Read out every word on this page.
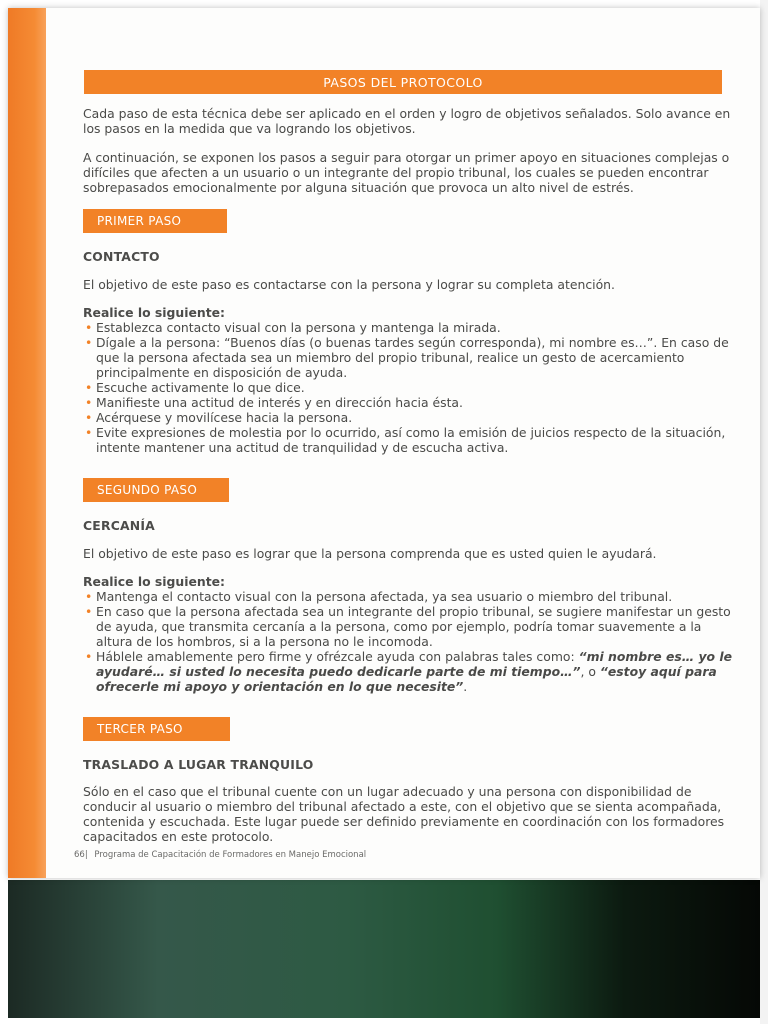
PASOS DEL PROTOCOLO

Cada paso de esta técnica debe ser aplicado en el orden y logro de objetivos señalados. Solo avance en los pasos en la medida que va logrando los objetivos.

A continuación, se exponen los pasos a seguir para otorgar un primer apoyo en situaciones complejas o difíciles que afecten a un usuario o un integrante del propio tribunal, los cuales se pueden encontrar sobrepasados emocionalmente por alguna situación que provoca un alto nivel de estrés.

PRIMER PASO
CONTACTO

El objetivo de este paso es contactarse con la persona y lograr su completa atención.

Realice lo siguiente:
• Establezca contacto visual con la persona y mantenga la mirada.
• Dígale a la persona: “Buenos días (o buenas tardes según corresponda), mi nombre es…”. En caso de que la persona afectada sea un miembro del propio tribunal, realice un gesto de acercamiento principalmente en disposición de ayuda.
• Escuche activamente lo que dice.
• Manifieste una actitud de interés y en dirección hacia ésta.
• Acérquese y movilícese hacia la persona.
• Evite expresiones de molestia por lo ocurrido, así como la emisión de juicios respecto de la situación, intente mantener una actitud de tranquilidad y de escucha activa.
SEGUNDO PASO
CERCANÍA

El objetivo de este paso es lograr que la persona comprenda que es usted quien le ayudará.

Realice lo siguiente:
• Mantenga el contacto visual con la persona afectada, ya sea usuario o miembro del tribunal.
• En caso que la persona afectada sea un integrante del propio tribunal, se sugiere manifestar un gesto de ayuda, que transmita cercanía a la persona, como por ejemplo, podría tomar suavemente a la altura de los hombros, si a la persona no le incomoda.
• Háblele amablemente pero firme y ofrézcale ayuda con palabras tales como: “mi nombre es… yo le ayudaré… si usted lo necesita puedo dedicarle parte de mi tiempo…”, o “estoy aquí para ofrecerle mi apoyo y orientación en lo que necesite”.
TERCER PASO
TRASLADO A LUGAR TRANQUILO

Sólo en el caso que el tribunal cuente con un lugar adecuado y una persona con disponibilidad de conducir al usuario o miembro del tribunal afectado a este, con el objetivo que se sienta acompañada, contenida y escuchada. Este lugar puede ser definido previamente en coordinación con los formadores capacitados en este protocolo.

66| Programa de Capacitación de Formadores en Manejo Emocional
